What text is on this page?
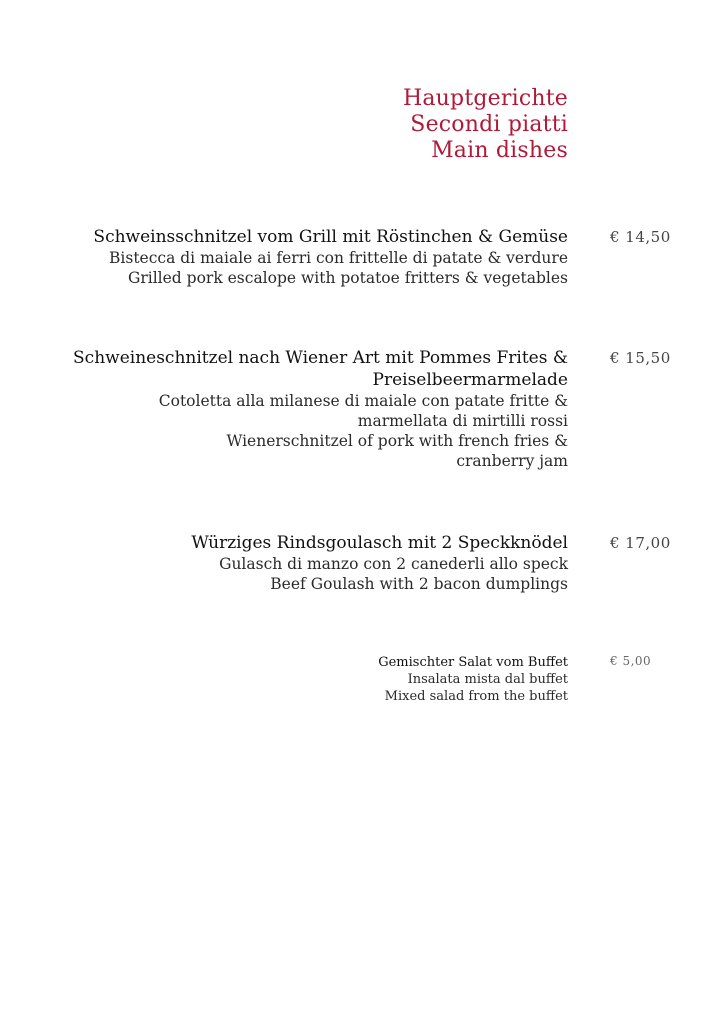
Hauptgerichte
Secondi piatti
Main dishes
Schweinsschnitzel vom Grill mit Röstinchen & Gemüse
Bistecca di maiale ai ferri con frittelle di patate & verdure
Grilled pork escalope with potatoe fritters & vegetables
€ 14,50
Schweineschnitzel nach Wiener Art mit Pommes Frites &
Preiselbeermarmelade
Cotoletta alla milanese di maiale con patate fritte &
marmellata di mirtilli rossi
Wienerschnitzel of pork with french fries &
cranberry jam
€ 15,50
Würziges Rindsgoulasch mit 2 Speckknödel
Gulasch di manzo con 2 canederli allo speck
Beef Goulash with 2 bacon dumplings
€ 17,00
Gemischter Salat vom Buffet
Insalata mista dal buffet
Mixed salad from the buffet
€ 5,00
